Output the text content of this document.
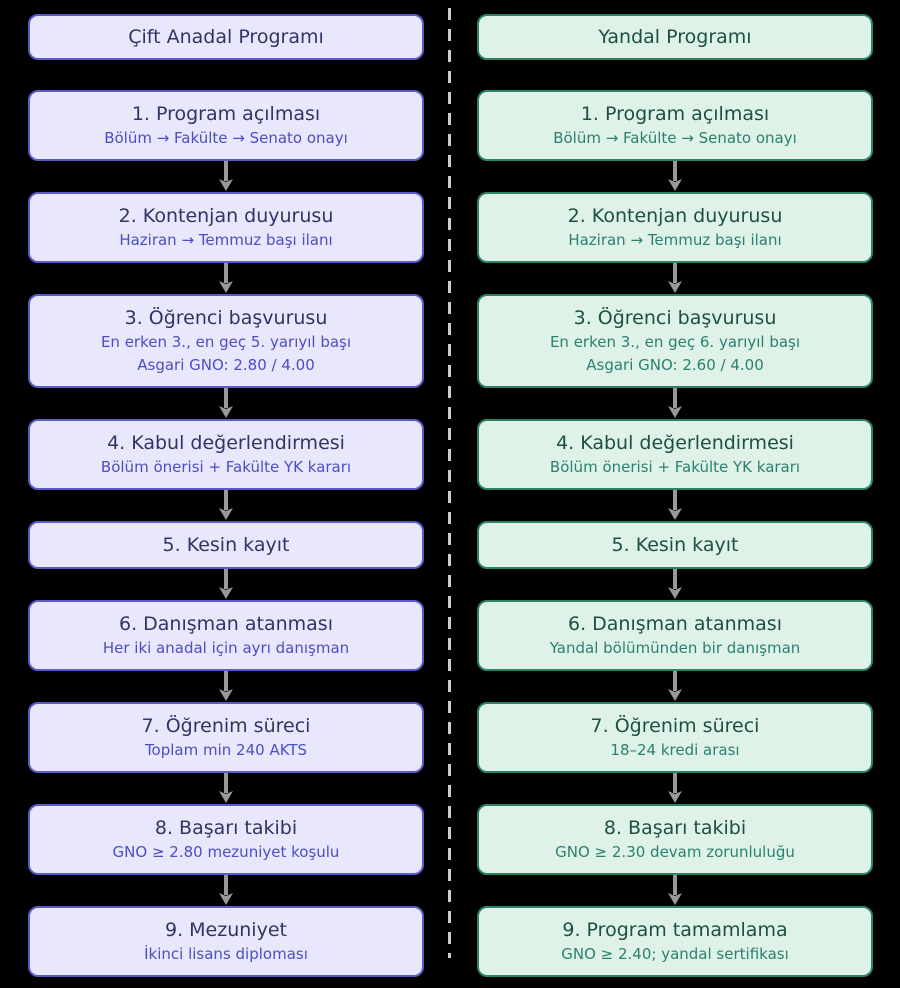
Çift Anadal Programı
1. Program açılması
Bölüm → Fakülte → Senato onayı
2. Kontenjan duyurusu
Haziran → Temmuz başı ilanı
3. Öğrenci başvurusu
En erken 3., en geç 5. yarıyıl başı
Asgari GNO: 2.80 / 4.00
4. Kabul değerlendirmesi
Bölüm önerisi + Fakülte YK kararı
5. Kesin kayıt
6. Danışman atanması
Her iki anadal için ayrı danışman
7. Öğrenim süreci
Toplam min 240 AKTS
8. Başarı takibi
GNO ≥ 2.80 mezuniyet koşulu
9. Mezuniyet
İkinci lisans diploması
Yandal Programı
1. Program açılması
Bölüm → Fakülte → Senato onayı
2. Kontenjan duyurusu
Haziran → Temmuz başı ilanı
3. Öğrenci başvurusu
En erken 3., en geç 6. yarıyıl başı
Asgari GNO: 2.60 / 4.00
4. Kabul değerlendirmesi
Bölüm önerisi + Fakülte YK kararı
5. Kesin kayıt
6. Danışman atanması
Yandal bölümünden bir danışman
7. Öğrenim süreci
18–24 kredi arası
8. Başarı takibi
GNO ≥ 2.30 devam zorunluluğu
9. Program tamamlama
GNO ≥ 2.40; yandal sertifikası
